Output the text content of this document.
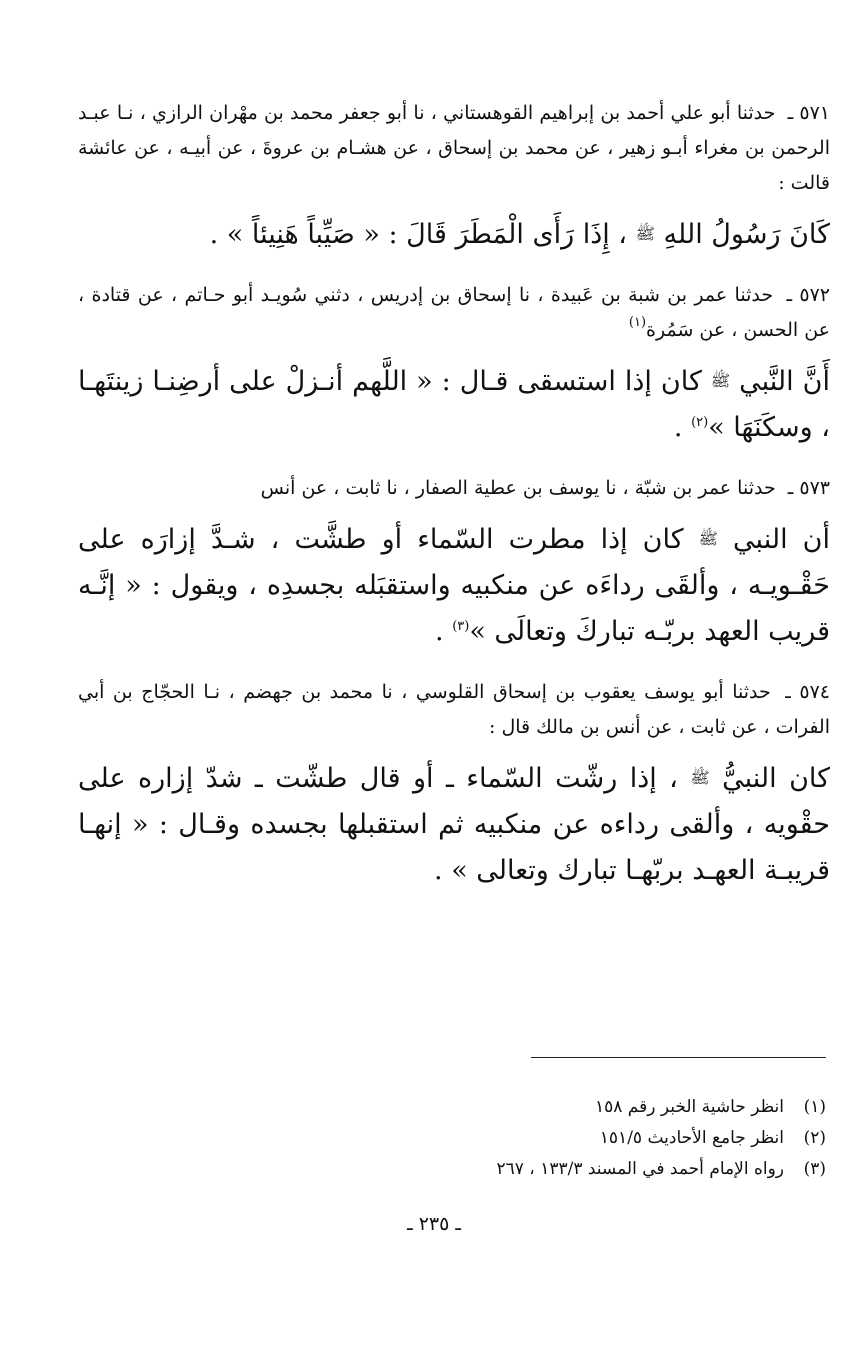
٥٧١ ـ حدثنا أبو علي أحمد بن إبراهيم القوهستاني ، نا أبو جعفر محمد بن مهْران الرازي ، نـا عبـد الرحمن بن مغراء أبـو زهير ، عن محمد بن إسحاق ، عن هشـام بن عروةَ ، عن أبيـه ، عن عائشة قالت :

كَانَ رَسُولُ اللهِ ﷺ ، إِذَا رَأَى الْمَطَرَ قَالَ : « صَيِّباً هَنِيئاً » .

٥٧٢ ـ حدثنا عمر بن شبة بن عَبيدة ، نا إسحاق بن إدريس ، دثني سُويـد أبو حـاتم ، عن قتادة ، عن الحسن ، عن سَمُرة$^{(١)}$

أَنَّ النَّبي ﷺ كان إذا استسقى قـال : « اللَّهم أنـزلْ على أرضِنـا زينتَهـا ، وسكَنَهَا »$^{(٢)}$ .

٥٧٣ ـ حدثنا عمر بن شبّة ، نا يوسف بن عطية الصفار ، نا ثابت ، عن أنس

أن النبي ﷺ كان إذا مطرت السّماء أو طشَّت ، شـدَّ إزارَه على حَقْـويـه ، وألقَى رداءَه عن منكبيه واستقبَله بجسدِه ، ويقول : « إنَّـه قريب العهد بربّـه تباركَ وتعالَى »$^{(٣)}$ .

٥٧٤ ـ حدثنا أبو يوسف يعقوب بن إسحاق القلوسي ، نا محمد بن جهضم ، نـا الحجّاج بن أبي الفرات ، عن ثابت ، عن أنس بن مالك قال :

كان النبيُّ ﷺ ، إذا رشّت السّماء ـ أو قال طشّت ـ شدّ إزاره على حقْويه ، وألقى رداءه عن منكبيه ثم استقبلها بجسده وقـال : « إنهـا قريبـة العهـد بربّهـا تبارك وتعالى » .

(١)
انظر حاشية الخبر رقم ١٥٨
(٢)
انظر جامع الأحاديث ١٥١/٥
(٣)
رواه الإمام أحمد في المسند ١٣٣/٣ ، ٢٦٧
ـ ٢٣٥ ـ
